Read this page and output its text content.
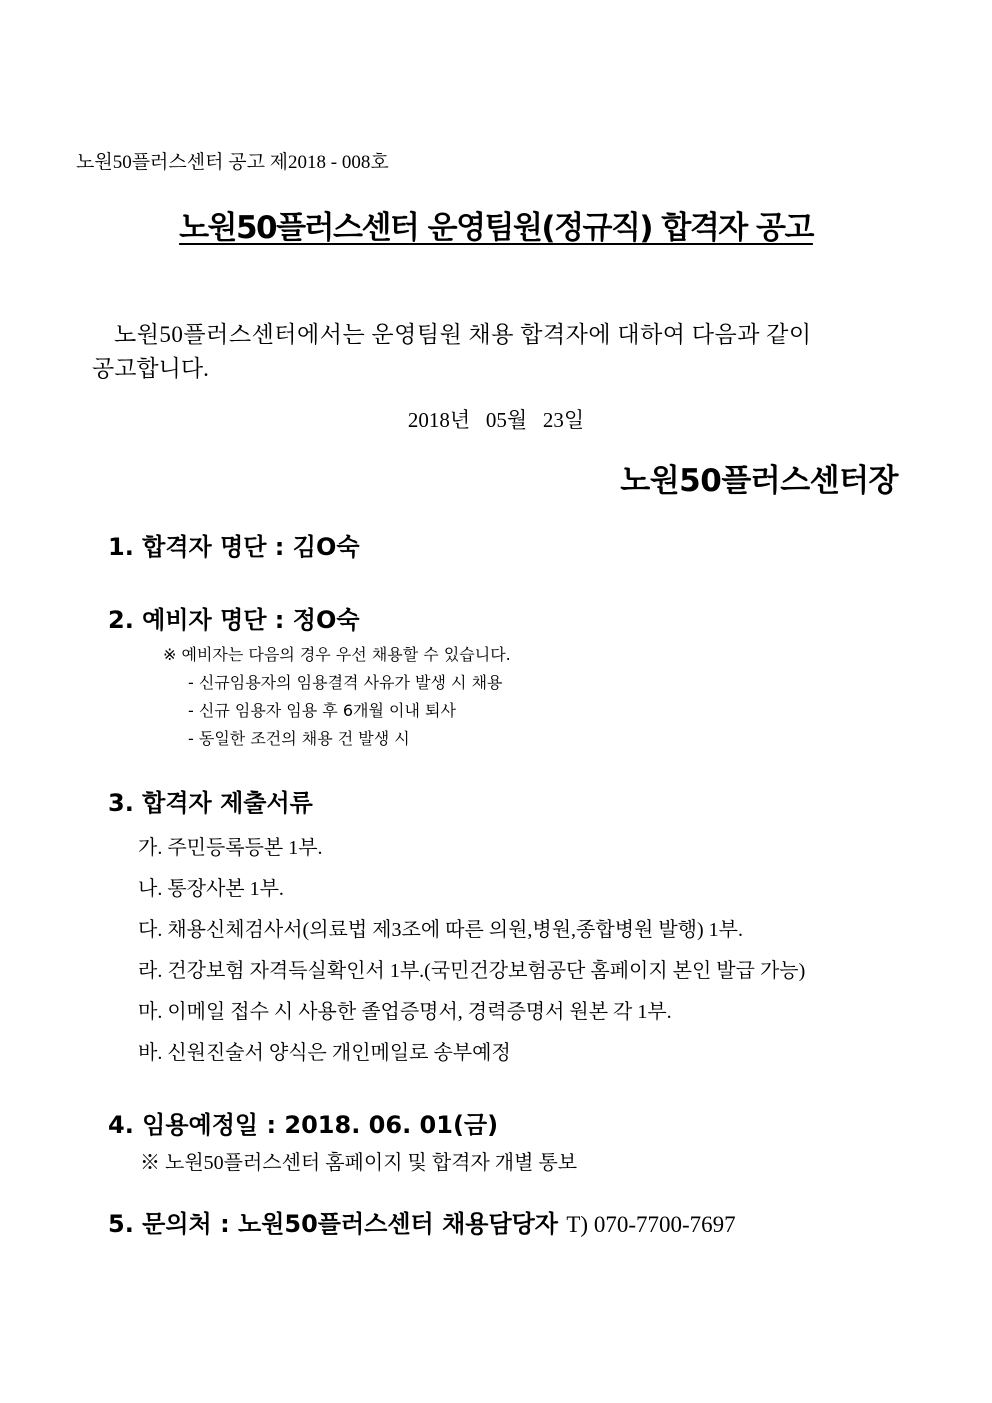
노원50플러스센터 공고 제2018 - 008호
노원50플러스센터 운영팀원(정규직) 합격자 공고
노원50플러스센터에서는 운영팀원 채용 합격자에 대하여 다음과 같이
공고합니다.
2018년   05월   23일
노원50플러스센터장
1. 합격자 명단 : 김O숙
2. 예비자 명단 : 정O숙
※ 예비자는 다음의 경우 우선 채용할 수 있습니다.
- 신규임용자의 임용결격 사유가 발생 시 채용
- 신규 임용자 임용 후 6개월 이내 퇴사
- 동일한 조건의 채용 건 발생 시
3. 합격자 제출서류
가. 주민등록등본 1부.
나. 통장사본 1부.
다. 채용신체검사서(의료법 제3조에 따른 의원,병원,종합병원 발행) 1부.
라. 건강보험 자격득실확인서 1부.(국민건강보험공단 홈페이지 본인 발급 가능)
마. 이메일 접수 시 사용한 졸업증명서, 경력증명서 원본 각 1부.
바. 신원진술서 양식은 개인메일로 송부예정
4. 임용예정일 : 2018. 06. 01(금)
※ 노원50플러스센터 홈페이지 및 합격자 개별 통보
5. 문의처 : 노원50플러스센터 채용담당자 T) 070-7700-7697
